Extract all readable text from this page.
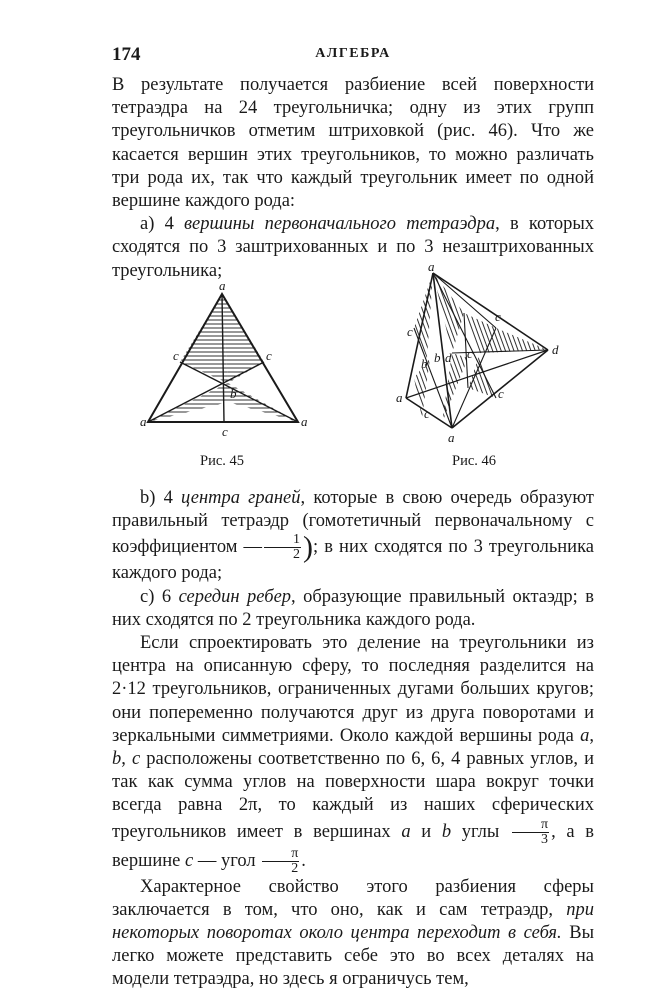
174	АЛГЕБРА

В результате получается разбиение всей поверхности тетраэдра на 24 треугольничка; одну из этих групп треугольничков отметим штриховкой (рис. 46). Что же касается вершин этих треугольников, то можно различать три рода их, так что каждый треугольник имеет по одной вершине каждого рода:

а) 4 вершины первоначального тетраэдра, в которых сходятся по 3 заштрихованных и по 3 незаштрихованных треугольника;

a
a	a
c	c
c
b
a
d
a
a
c
c
c
c
c
b b d
Рис. 45	Рис. 46

b) 4 центра граней, которые в свою очередь образуют правильный тетраэдр (гомотетичный первоначальному с коэффициентом — $\frac{1}{2}$ ); в них сходятся по 3 треугольника каждого рода;

с) 6 середин ребер, образующие правильный октаэдр; в них сходятся по 2 треугольника каждого рода.

Если спроектировать это деление на треугольники из центра на описанную сферу, то последняя разделится на 2·12 треугольников, ограниченных дугами больших кругов; они попеременно получаются друг из друга поворотами и зеркальными симметриями. Около каждой вершины рода a, b, c расположены соответственно по 6, 6, 4 равных углов, и так как сумма углов на поверхности шара вокруг точки всегда равна 2π, то каждый из наших сферических треугольников имеет в вершинах a и b углы $\frac{\pi}{3}$ , а в вершине c — угол $\frac{\pi}{2}$ .

Характерное свойство этого разбиения сферы заключается в том, что оно, как и сам тетраэдр, при некоторых поворотах около центра переходит в себя. Вы легко можете представить себе это во всех деталях на модели тетраэдра, но здесь я ограничусь тем,
